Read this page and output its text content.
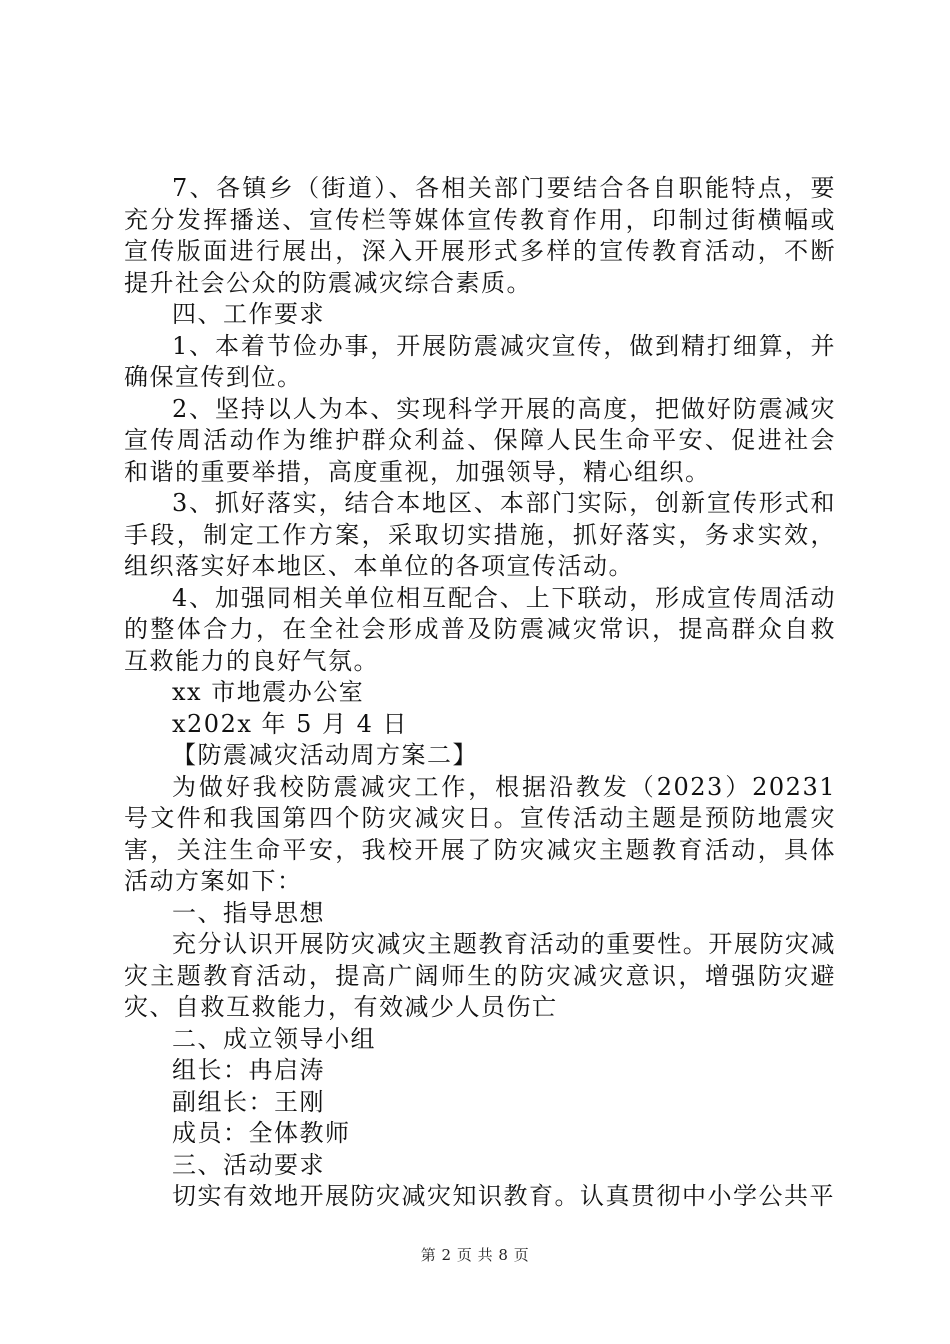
7、各镇乡（街道）、各相关部门要结合各自职能特点，要充分发挥播送、宣传栏等媒体宣传教育作用，印制过街横幅或宣传版面进行展出，深入开展形式多样的宣传教育活动，不断提升社会公众的防震减灾综合素质。

四、工作要求

1、本着节俭办事，开展防震减灾宣传，做到精打细算，并确保宣传到位。

2、坚持以人为本、实现科学开展的高度，把做好防震减灾宣传周活动作为维护群众利益、保障人民生命平安、促进社会和谐的重要举措，高度重视，加强领导，精心组织。

3、抓好落实，结合本地区、本部门实际，创新宣传形式和手段，制定工作方案，采取切实措施，抓好落实，务求实效，组织落实好本地区、本单位的各项宣传活动。

4、加强同相关单位相互配合、上下联动，形成宣传周活动的整体合力，在全社会形成普及防震减灾常识，提高群众自救互救能力的良好气氛。

xx 市地震办公室

x202x 年 5 月 4 日

【防震减灾活动周方案二】

为做好我校防震减灾工作，根据沿教发（2023）20231 号文件和我国第四个防灾减灾日。宣传活动主题是预防地震灾害，关注生命平安，我校开展了防灾减灾主题教育活动，具体活动方案如下：

一、指导思想

充分认识开展防灾减灾主题教育活动的重要性。开展防灾减灾主题教育活动，提高广阔师生的防灾减灾意识，增强防灾避灾、自救互救能力，有效减少人员伤亡

二、成立领导小组

组长：冉启涛

副组长：王刚

成员：全体教师

三、活动要求

切实有效地开展防灾减灾知识教育。认真贯彻中小学公共平

第 2 页 共 8 页
